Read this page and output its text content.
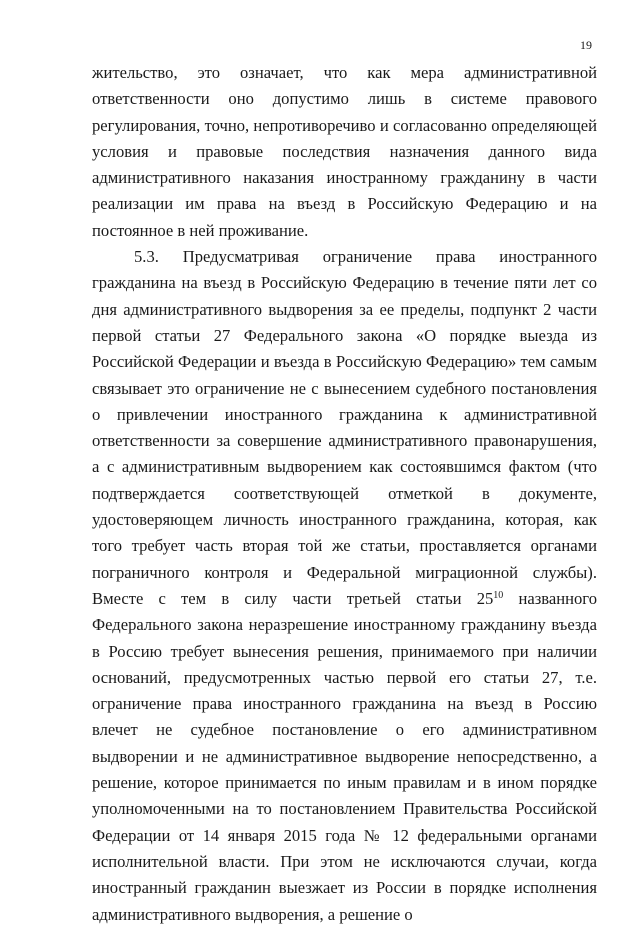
19

жительство, это означает, что как мера административной ответственности оно допустимо лишь в системе правового регулирования, точно, непротиворечиво и согласованно определяющей условия и правовые последствия назначения данного вида административного наказания иностранному гражданину в части реализации им права на въезд в Российскую Федерацию и на постоянное в ней проживание.

5.3. Предусматривая ограничение права иностранного гражданина на въезд в Российскую Федерацию в течение пяти лет со дня административного выдворения за ее пределы, подпункт 2 части первой статьи 27 Федерального закона «О порядке выезда из Российской Федерации и въезда в Российскую Федерацию» тем самым связывает это ограничение не с вынесением судебного постановления о привлечении иностранного гражданина к административной ответственности за совершение административного правонарушения, а с административным выдворением как состоявшимся фактом (что подтверждается соответствующей отметкой в документе, удостоверяющем личность иностранного гражданина, которая, как того требует часть вторая той же статьи, проставляется органами пограничного контроля и Федеральной миграционной службы). Вместе с тем в силу части третьей статьи $25^{10}$ названного Федерального закона неразрешение иностранному гражданину въезда в Россию требует вынесения решения, принимаемого при наличии оснований, предусмотренных частью первой его статьи 27, т.е. ограничение права иностранного гражданина на въезд в Россию влечет не судебное постановление о его административном выдворении и не административное выдворение непосредственно, а решение, которое принимается по иным правилам и в ином порядке уполномоченными на то постановлением Правительства Российской Федерации от 14 января 2015 года № 12 федеральными органами исполнительной власти. При этом не исключаются случаи, когда иностранный гражданин выезжает из России в порядке исполнения административного выдворения, а решение о
